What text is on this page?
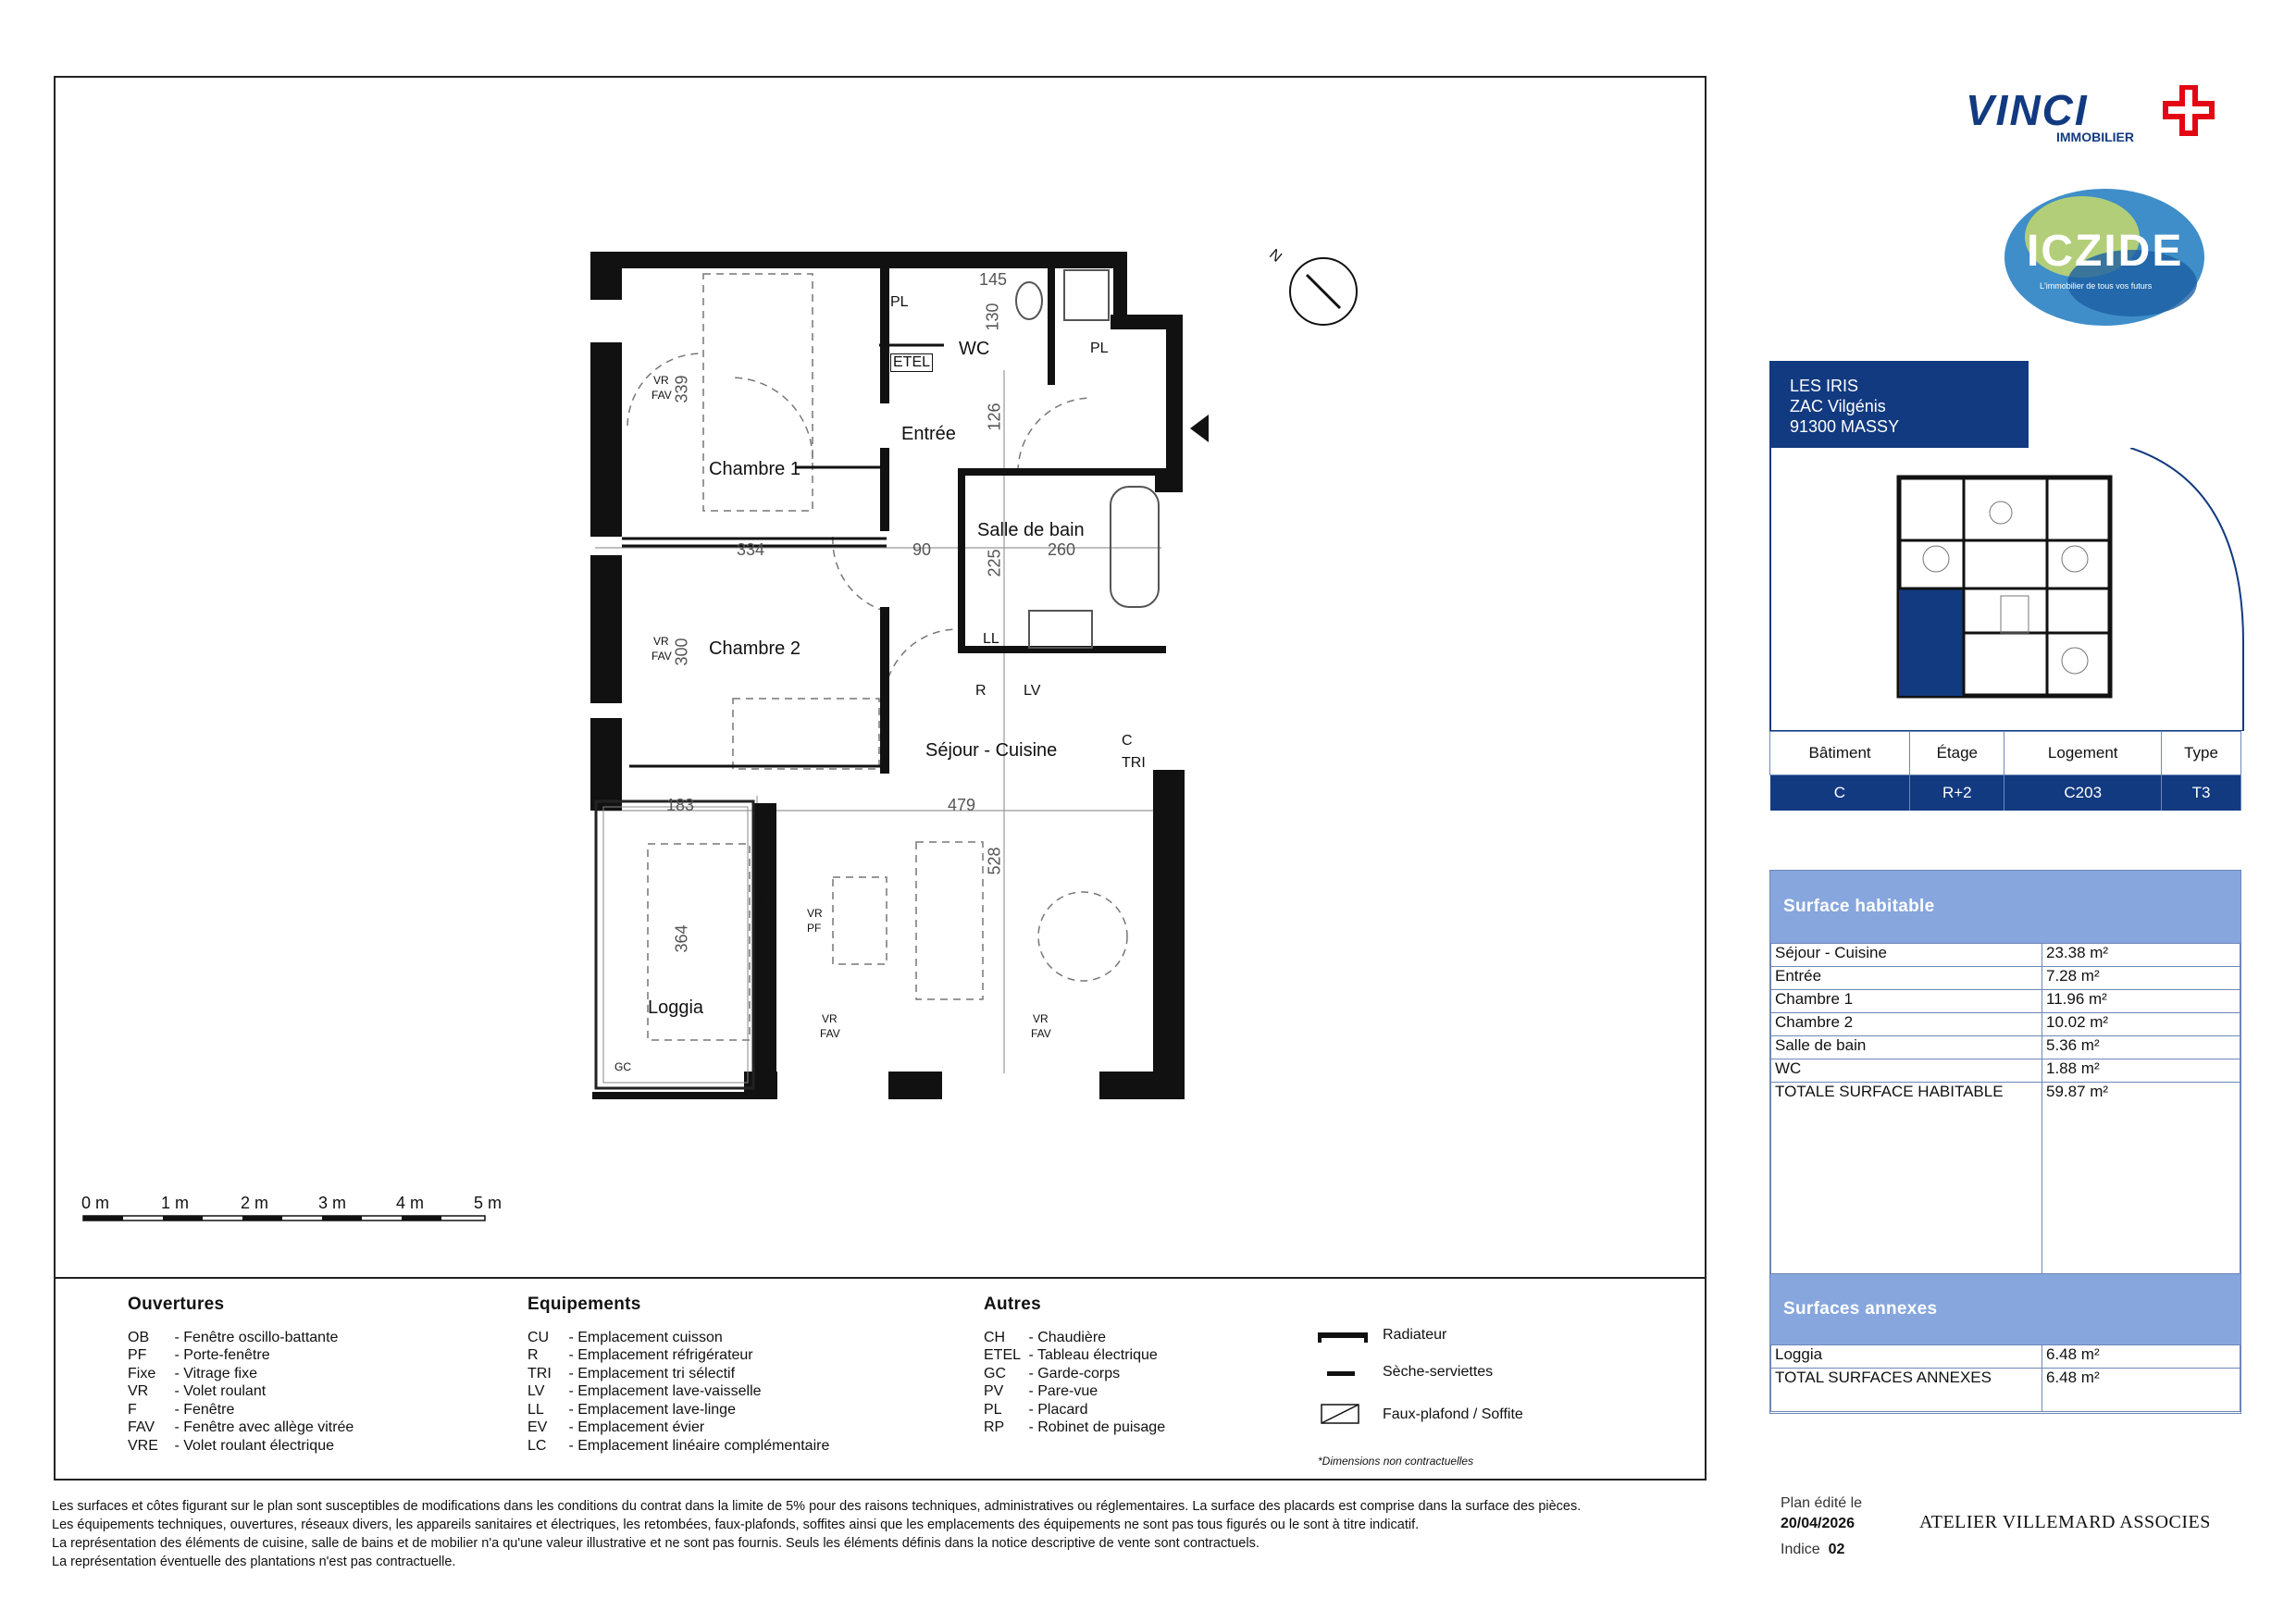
Entrée
Chambre 1
Chambre 2
Salle de bain
WC
Séjour - Cuisine
Loggia
339
334	90
300
183	479
528
364
225	260
126
145
130
PL
PL
ETEL
LL
R	LV
C
TRI
VR
FAV
VR
FAV
VR
PF
VR
FAV
VR
FAV
GC
SEUIL <15cm
N
0 m	1 m	2 m	3 m	4 m	5 m
Ouvertures
OB - Fenêtre oscillo-battante
PF - Porte-fenêtre
Fixe - Vitrage fixe
VR - Volet roulant
F - Fenêtre
FAV - Fenêtre avec allège vitrée
VRE - Volet roulant électrique
Equipements
CU - Emplacement cuisson
R - Emplacement réfrigérateur
TRI - Emplacement tri sélectif
LV - Emplacement lave-vaisselle
LL - Emplacement lave-linge
EV - Emplacement évier
LC - Emplacement linéaire complémentaire
Autres
CH - Chaudière
ETEL - Tableau électrique
GC - Garde-corps
PV - Pare-vue
PL - Placard
RP - Robinet de puisage
Radiateur
Sèche-serviettes
Faux-plafond / Soffite
*Dimensions non contractuelles
Les surfaces et côtes figurant sur le plan sont susceptibles de modifications dans les conditions du contrat dans la limite de 5% pour des raisons techniques, administratives ou réglementaires. La surface des placards est comprise dans la surface des pièces.
Les équipements techniques, ouvertures, réseaux divers, les appareils sanitaires et électriques, les retombées, faux-plafonds, soffites ainsi que les emplacements des équipements ne sont pas tous figurés ou le sont à titre indicatif.
La représentation des éléments de cuisine, salle de bains et de mobilier n'a qu'une valeur illustrative et ne sont pas fournis. Seuls les éléments définis dans la notice descriptive de vente sont contractuels.
La représentation éventuelle des plantations n'est pas contractuelle.
VINCI
IMMOBILIER
ICZIDE
L'immobilier de tous vos futurs
LES IRIS
ZAC Vilgénis
91300 MASSY
Bâtiment	Étage	Logement	Type
C	R+2	C203	T3
Surface habitable
Séjour - Cuisine	23.38 m²
Entrée	7.28 m²
Chambre 1	11.96 m²
Chambre 2	10.02 m²
Salle de bain	5.36 m²
WC	1.88 m²
TOTALE SURFACE HABITABLE	59.87 m²
Surfaces annexes
Loggia	6.48 m²
TOTAL SURFACES ANNEXES	6.48 m²
Plan édité le
20/04/2026
Indice 02
ATELIER VILLEMARD ASSOCIES
